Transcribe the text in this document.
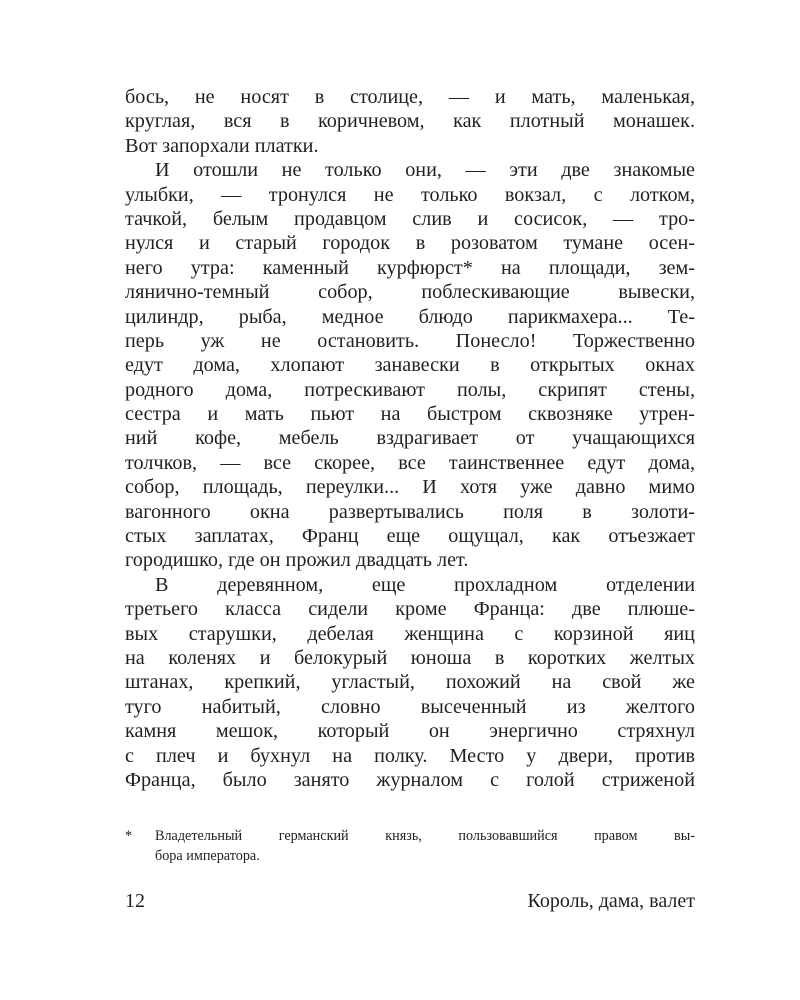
бось, не носят в столице, — и мать, маленькая,
круглая, вся в коричневом, как плотный монашек.
Вот запорхали платки.
И отошли не только они, — эти две знакомые
улыбки, — тронулся не только вокзал, с лотком,
тачкой, белым продавцом слив и сосисок, — тро-
нулся и старый городок в розоватом тумане осен-
него утра: каменный курфюрст* на площади, зем-
лянично-темный собор, поблескивающие вывески,
цилиндр, рыба, медное блюдо парикмахера... Те-
перь уж не остановить. Понесло! Торжественно
едут дома, хлопают занавески в открытых окнах
родного дома, потрескивают полы, скрипят стены,
сестра и мать пьют на быстром сквозняке утрен-
ний кофе, мебель вздрагивает от учащающихся
толчков, — все скорее, все таинственнее едут дома,
собор, площадь, переулки... И хотя уже давно мимо
вагонного окна развертывались поля в золоти-
стых заплатах, Франц еще ощущал, как отъезжает
городишко, где он прожил двадцать лет.
В деревянном, еще прохладном отделении
третьего класса сидели кроме Франца: две плюше-
вых старушки, дебелая женщина с корзиной яиц
на коленях и белокурый юноша в коротких желтых
штанах, крепкий, угластый, похожий на свой же
туго набитый, словно высеченный из желтого
камня мешок, который он энергично стряхнул
с плеч и бухнул на полку. Место у двери, против
Франца, было занято журналом с голой стриженой
* Владетельный германский князь, пользовавшийся правом вы-
бора императора.
12	Король, дама, валет
